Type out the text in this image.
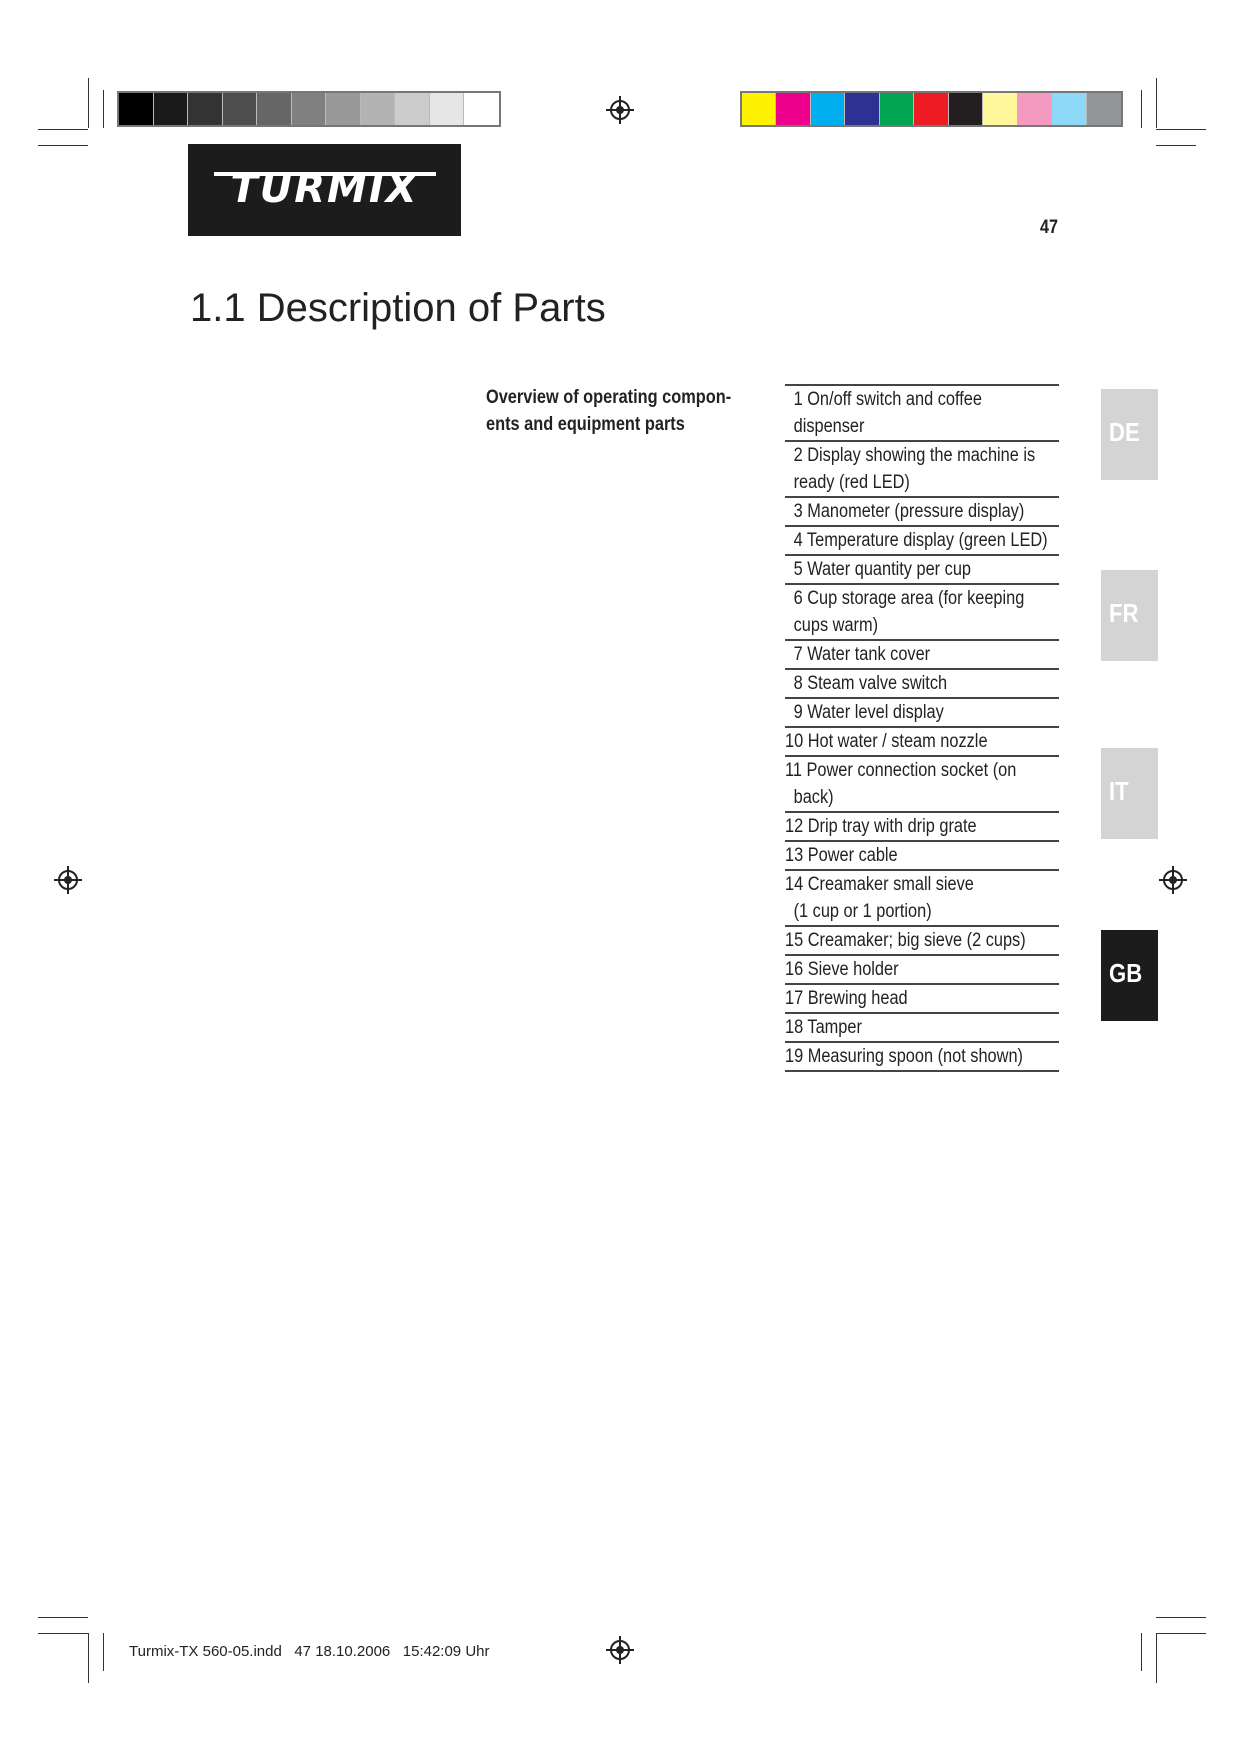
TURMIX
47
1.1 Description of Parts
Overview of operating compon-
ents and equipment parts
1 On/off switch and coffee
dispenser
2 Display showing the machine is
ready (red LED)
3 Manometer (pressure display)
4 Temperature display (green LED)
5 Water quantity per cup
6 Cup storage area (for keeping
cups warm)
7 Water tank cover
8 Steam valve switch
9 Water level display
10 Hot water / steam nozzle
11 Power connection socket (on
back)
12 Drip tray with drip grate
13 Power cable
14 Creamaker small sieve
(1 cup or 1 portion)
15 Creamaker; big sieve (2 cups)
16 Sieve holder
17 Brewing head
18 Tamper
19 Measuring spoon (not shown)
DE
FR
IT
GB
Turmix-TX 560-05.indd   47 18.10.2006   15:42:09 Uhr
